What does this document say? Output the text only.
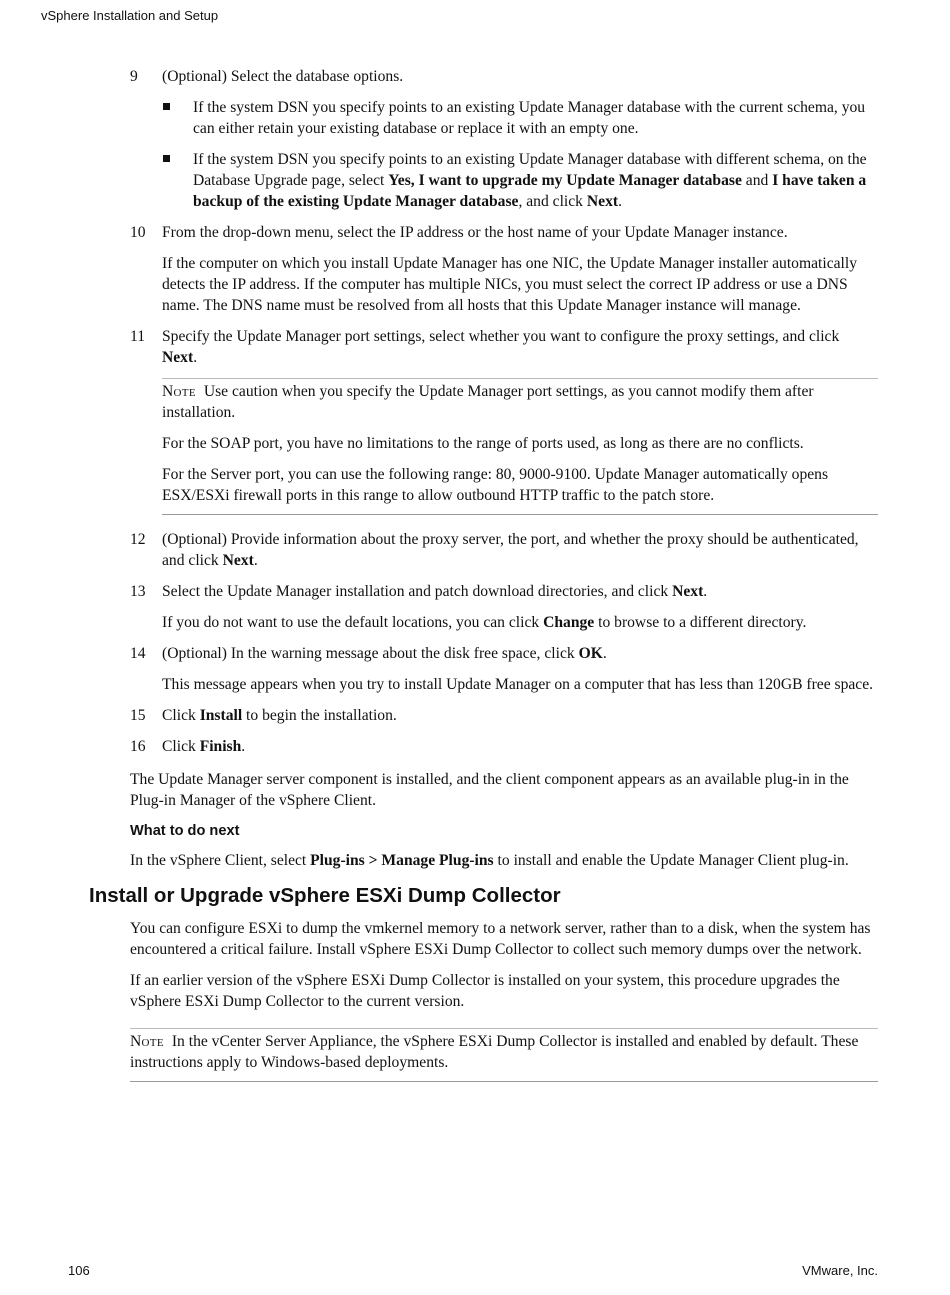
vSphere Installation and Setup
9 (Optional) Select the database options.

If the system DSN you specify points to an existing Update Manager database with the current schema, you can either retain your existing database or replace it with an empty one.
If the system DSN you specify points to an existing Update Manager database with different schema, on the Database Upgrade page, select Yes, I want to upgrade my Update Manager database and I have taken a backup of the existing Update Manager database, and click Next.
10 From the drop-down menu, select the IP address or the host name of your Update Manager instance.

If the computer on which you install Update Manager has one NIC, the Update Manager installer automatically detects the IP address. If the computer has multiple NICs, you must select the correct IP address or use a DNS name. The DNS name must be resolved from all hosts that this Update Manager instance will manage.

11 Specify the Update Manager port settings, select whether you want to configure the proxy settings, and click Next.

Note Use caution when you specify the Update Manager port settings, as you cannot modify them after installation.

For the SOAP port, you have no limitations to the range of ports used, as long as there are no conflicts.

For the Server port, you can use the following range: 80, 9000-9100. Update Manager automatically opens ESX/ESXi firewall ports in this range to allow outbound HTTP traffic to the patch store.

12 (Optional) Provide information about the proxy server, the port, and whether the proxy should be authenticated, and click Next.

13 Select the Update Manager installation and patch download directories, and click Next.

If you do not want to use the default locations, you can click Change to browse to a different directory.

14 (Optional) In the warning message about the disk free space, click OK.

This message appears when you try to install Update Manager on a computer that has less than 120GB free space.

15 Click Install to begin the installation.

16 Click Finish.

The Update Manager server component is installed, and the client component appears as an available plug-in in the Plug-in Manager of the vSphere Client.

What to do next

In the vSphere Client, select Plug-ins > Manage Plug-ins to install and enable the Update Manager Client plug-in.

Install or Upgrade vSphere ESXi Dump Collector

You can configure ESXi to dump the vmkernel memory to a network server, rather than to a disk, when the system has encountered a critical failure. Install vSphere ESXi Dump Collector to collect such memory dumps over the network.

If an earlier version of the vSphere ESXi Dump Collector is installed on your system, this procedure upgrades the vSphere ESXi Dump Collector to the current version.

Note In the vCenter Server Appliance, the vSphere ESXi Dump Collector is installed and enabled by default. These instructions apply to Windows-based deployments.

106	VMware, Inc.
